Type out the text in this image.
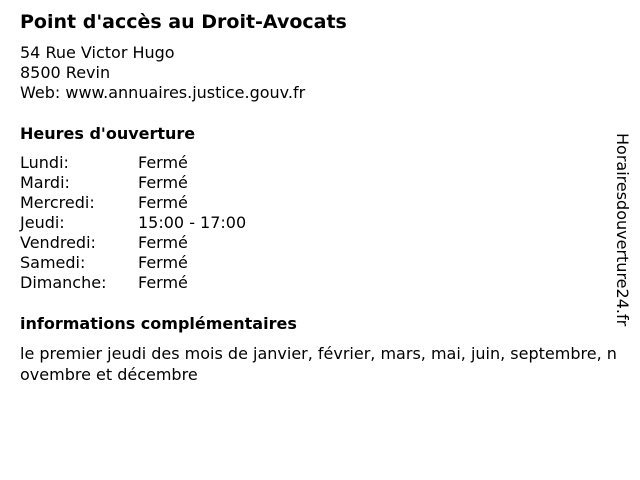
Point d'accès au Droit-Avocats
54 Rue Victor Hugo
8500 Revin
Web: www.annuaires.justice.gouv.fr
Heures d'ouverture
Lundi:	Fermé
Mardi:	Fermé
Mercredi:	Fermé
Jeudi:	15:00 - 17:00
Vendredi:	Fermé
Samedi:	Fermé
Dimanche:	Fermé
informations complémentaires
le premier jeudi des mois de janvier, février, mars, mai, juin, septembre, novembre et décembre
Horairesdouverture24.fr
